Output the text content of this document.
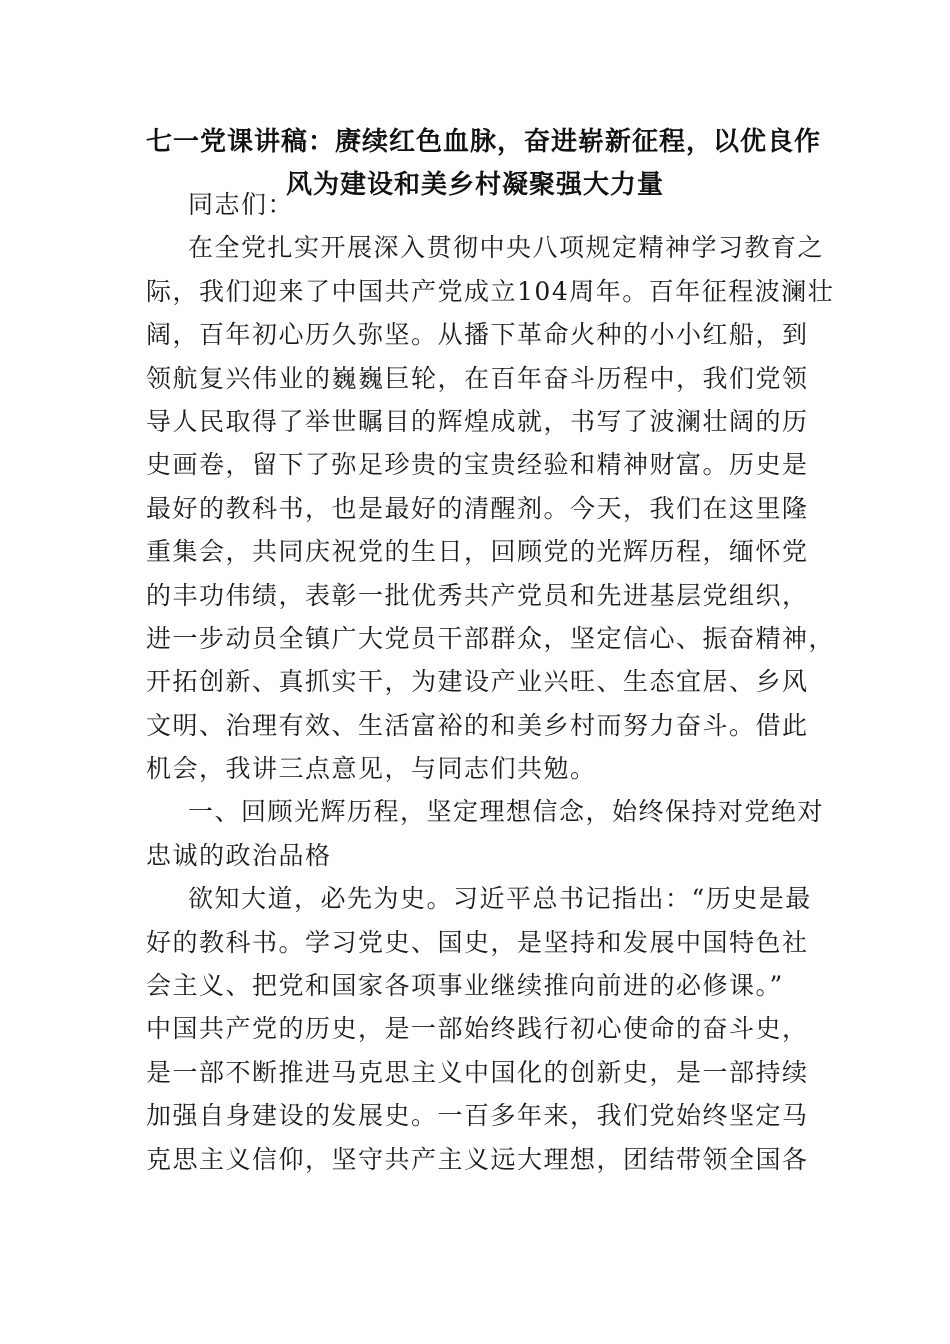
七一党课讲稿：赓续红色血脉，奋进崭新征程，以优良作
风为建设和美乡村凝聚强大力量
同志们：
在全党扎实开展深入贯彻中央八项规定精神学习教育之
际，我们迎来了中国共产党成立104周年。百年征程波澜壮
阔，百年初心历久弥坚。从播下革命火种的小小红船，到
领航复兴伟业的巍巍巨轮，在百年奋斗历程中，我们党领
导人民取得了举世瞩目的辉煌成就，书写了波澜壮阔的历
史画卷，留下了弥足珍贵的宝贵经验和精神财富。历史是
最好的教科书，也是最好的清醒剂。今天，我们在这里隆
重集会，共同庆祝党的生日，回顾党的光辉历程，缅怀党
的丰功伟绩，表彰一批优秀共产党员和先进基层党组织，
进一步动员全镇广大党员干部群众，坚定信心、振奋精神，
开拓创新、真抓实干，为建设产业兴旺、生态宜居、乡风
文明、治理有效、生活富裕的和美乡村而努力奋斗。借此
机会，我讲三点意见，与同志们共勉。
一、回顾光辉历程，坚定理想信念，始终保持对党绝对
忠诚的政治品格
欲知大道，必先为史。习近平总书记指出：“历史是最
好的教科书。学习党史、国史，是坚持和发展中国特色社
会主义、把党和国家各项事业继续推向前进的必修课。”
中国共产党的历史，是一部始终践行初心使命的奋斗史，
是一部不断推进马克思主义中国化的创新史，是一部持续
加强自身建设的发展史。一百多年来，我们党始终坚定马
克思主义信仰，坚守共产主义远大理想，团结带领全国各
